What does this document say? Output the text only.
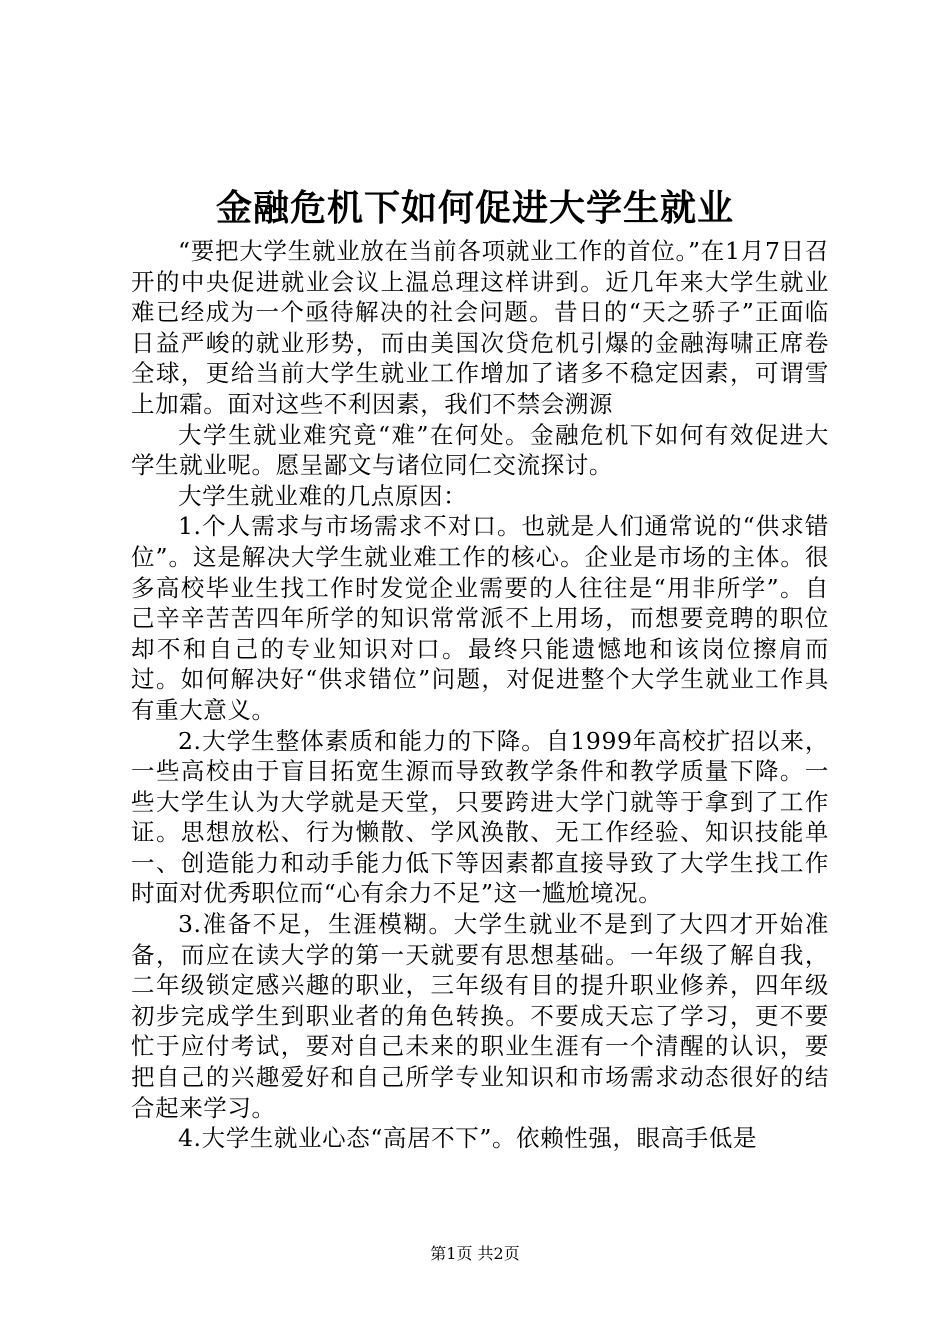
金融危机下如何促进大学生就业

“要把大学生就业放在当前各项就业工作的首位。”在1月7日召开的中央促进就业会议上温总理这样讲到。近几年来大学生就业难已经成为一个亟待解决的社会问题。昔日的“天之骄子”正面临日益严峻的就业形势，而由美国次贷危机引爆的金融海啸正席卷全球，更给当前大学生就业工作增加了诸多不稳定因素，可谓雪上加霜。面对这些不利因素，我们不禁会溯源

大学生就业难究竟“难”在何处。金融危机下如何有效促进大学生就业呢。愿呈鄙文与诸位同仁交流探讨。

大学生就业难的几点原因：

1.个人需求与市场需求不对口。也就是人们通常说的“供求错位”。这是解决大学生就业难工作的核心。企业是市场的主体。很多高校毕业生找工作时发觉企业需要的人往往是“用非所学”。自己辛辛苦苦四年所学的知识常常派不上用场，而想要竞聘的职位却不和自己的专业知识对口。最终只能遗憾地和该岗位擦肩而过。如何解决好“供求错位”问题，对促进整个大学生就业工作具有重大意义。

2.大学生整体素质和能力的下降。自1999年高校扩招以来，一些高校由于盲目拓宽生源而导致教学条件和教学质量下降。一些大学生认为大学就是天堂，只要跨进大学门就等于拿到了工作证。思想放松、行为懒散、学风涣散、无工作经验、知识技能单一、创造能力和动手能力低下等因素都直接导致了大学生找工作时面对优秀职位而“心有余力不足”这一尴尬境况。

3.准备不足，生涯模糊。大学生就业不是到了大四才开始准备，而应在读大学的第一天就要有思想基础。一年级了解自我，二年级锁定感兴趣的职业，三年级有目的提升职业修养，四年级初步完成学生到职业者的角色转换。不要成天忘了学习，更不要忙于应付考试，要对自己未来的职业生涯有一个清醒的认识，要把自己的兴趣爱好和自己所学专业知识和市场需求动态很好的结合起来学习。

4.大学生就业心态“高居不下”。依赖性强，眼高手低是

第1页 共2页
